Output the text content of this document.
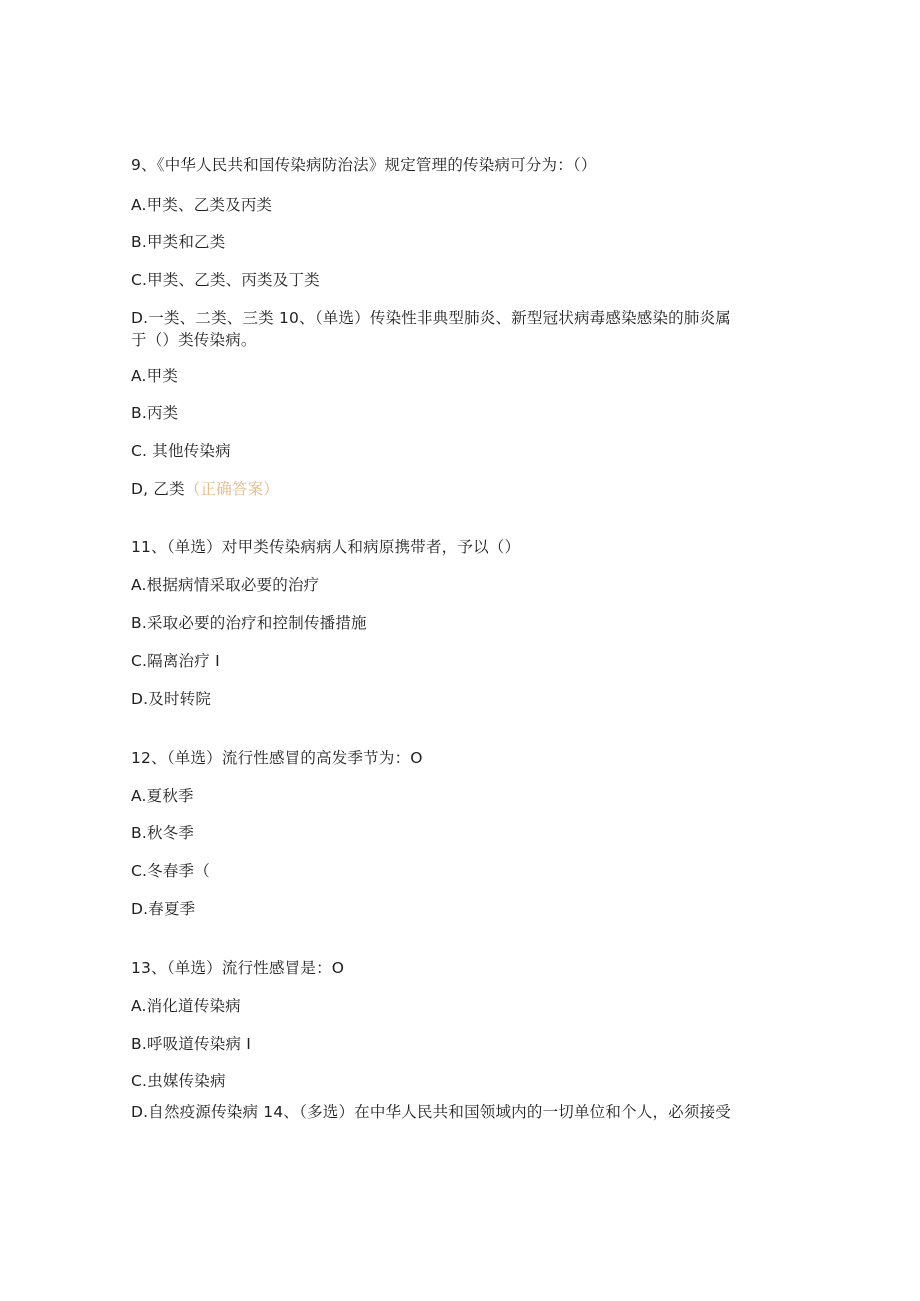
9、《中华人民共和国传染病防治法》规定管理的传染病可分为：（）
A.甲类、乙类及丙类
B.甲类和乙类
C.甲类、乙类、丙类及丁类
D.一类、二类、三类 10、（单选）传染性非典型肺炎、新型冠状病毒感染感染的肺炎属
于（）类传染病。
A.甲类
B.丙类
C. 其他传染病
D, 乙类（正确答案）
11、（单选）对甲类传染病病人和病原携带者，予以（）
A.根据病情采取必要的治疗
B.采取必要的治疗和控制传播措施
C.隔离治疗 I
D.及时转院
12、（单选）流行性感冒的高发季节为：O
A.夏秋季
B.秋冬季
C.冬春季（
D.春夏季
13、（单选）流行性感冒是：O
A.消化道传染病
B.呼吸道传染病 I
C.虫媒传染病
D.自然疫源传染病 14、（多选）在中华人民共和国领域内的一切单位和个人，必须接受
